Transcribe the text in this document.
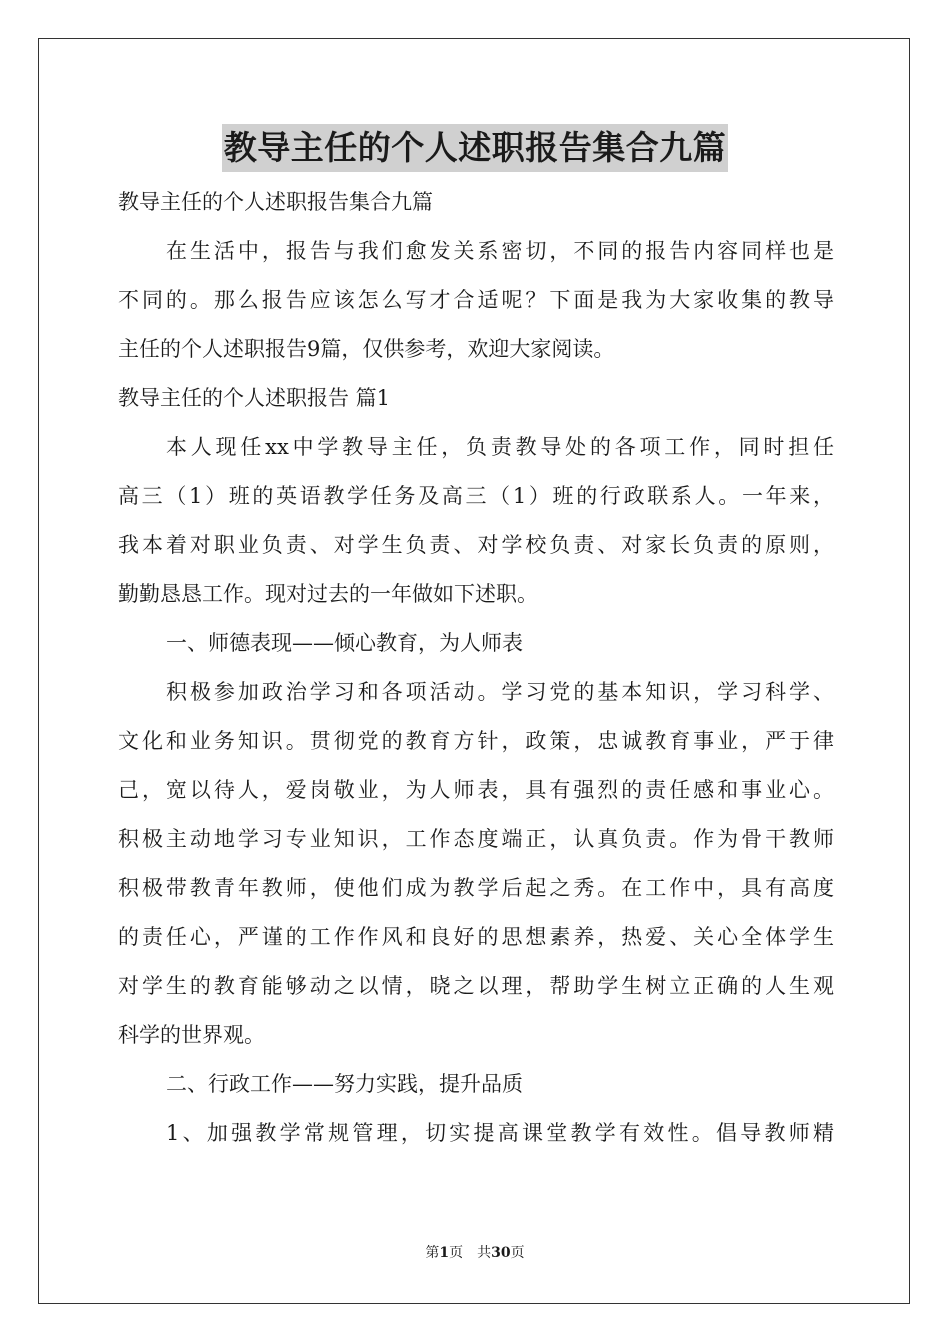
教导主任的个人述职报告集合九篇
教导主任的个人述职报告集合九篇
在生活中，报告与我们愈发关系密切，不同的报告内容同样也是
不同的。那么报告应该怎么写才合适呢？下面是我为大家收集的教导
主任的个人述职报告9篇，仅供参考，欢迎大家阅读。
教导主任的个人述职报告 篇1
本人现任xx中学教导主任，负责教导处的各项工作，同时担任
高三（1）班的英语教学任务及高三（1）班的行政联系人。一年来，
我本着对职业负责、对学生负责、对学校负责、对家长负责的原则，
勤勤恳恳工作。现对过去的一年做如下述职。
一、师德表现——倾心教育，为人师表
积极参加政治学习和各项活动。学习党的基本知识，学习科学、
文化和业务知识。贯彻党的教育方针，政策，忠诚教育事业，严于律
己，宽以待人，爱岗敬业，为人师表，具有强烈的责任感和事业心。
积极主动地学习专业知识，工作态度端正，认真负责。作为骨干教师
积极带教青年教师，使他们成为教学后起之秀。在工作中，具有高度
的责任心，严谨的工作作风和良好的思想素养，热爱、关心全体学生
对学生的教育能够动之以情，晓之以理，帮助学生树立正确的人生观
科学的世界观。
二、行政工作——努力实践，提升品质
1、加强教学常规管理，切实提高课堂教学有效性。倡导教师精
第1页　共30页
